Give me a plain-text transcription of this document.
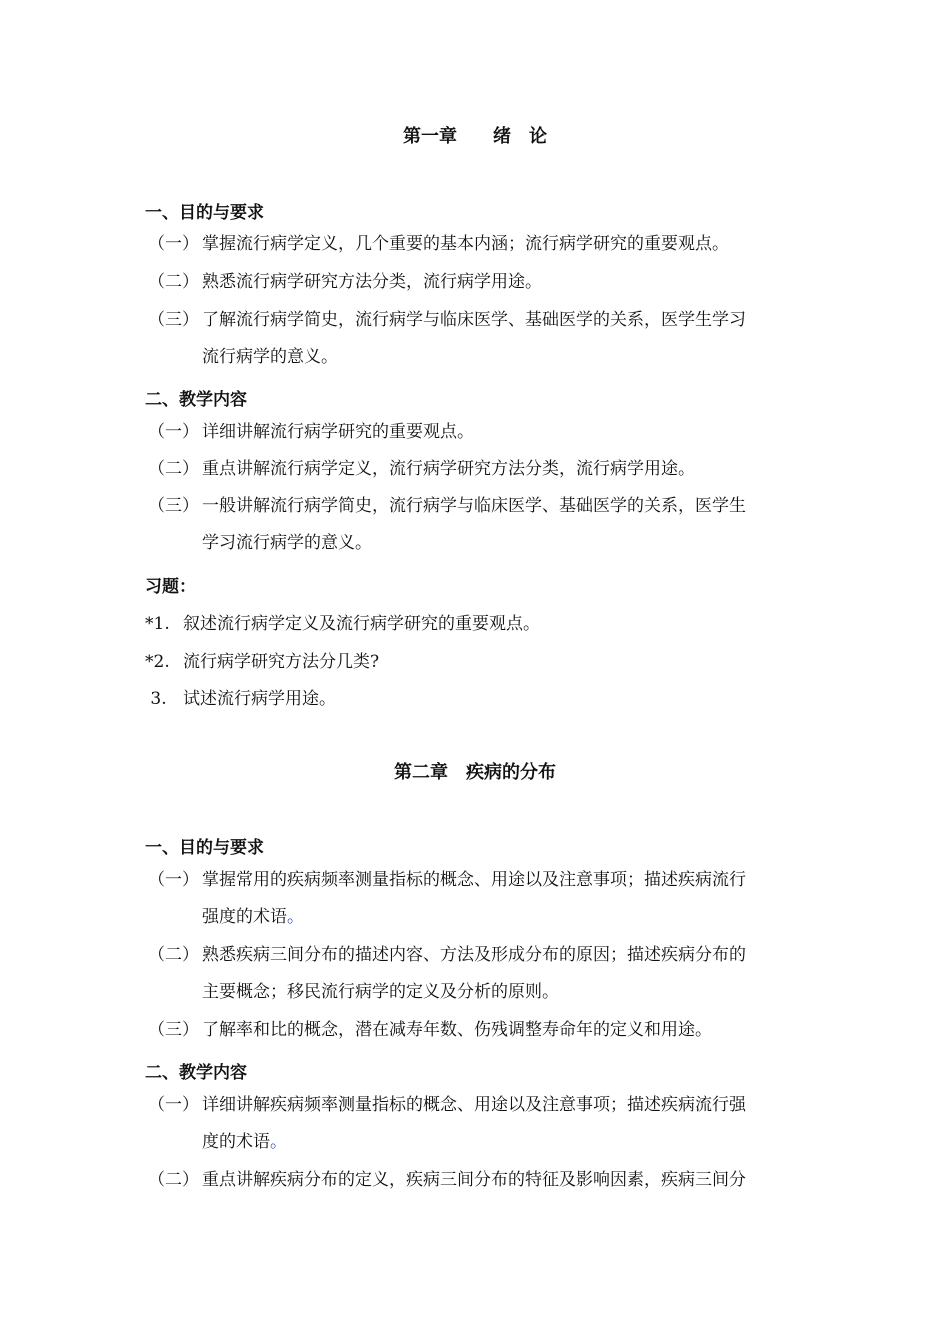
第一章　　绪　论
一、目的与要求

（一） 掌握流行病学定义，几个重要的基本内涵；流行病学研究的重要观点。

（二） 熟悉流行病学研究方法分类，流行病学用途。

（三） 了解流行病学简史，流行病学与临床医学、基础医学的关系，医学生学习
流行病学的意义。

二、教学内容

（一） 详细讲解流行病学研究的重要观点。

（二） 重点讲解流行病学定义，流行病学研究方法分类，流行病学用途。

（三） 一般讲解流行病学简史，流行病学与临床医学、基础医学的关系，医学生
学习流行病学的意义。

习题：

*1. 叙述流行病学定义及流行病学研究的重要观点。

*2. 流行病学研究方法分几类?

3. 试述流行病学用途。

第二章　疾病的分布
一、目的与要求

（一） 掌握常用的疾病频率测量指标的概念、用途以及注意事项；描述疾病流行
强度的术语。

（二） 熟悉疾病三间分布的描述内容、方法及形成分布的原因；描述疾病分布的
主要概念；移民流行病学的定义及分析的原则。

（三） 了解率和比的概念，潜在减寿年数、伤残调整寿命年的定义和用途。

二、教学内容

（一） 详细讲解疾病频率测量指标的概念、用途以及注意事项；描述疾病流行强
度的术语。

（二） 重点讲解疾病分布的定义，疾病三间分布的特征及影响因素，疾病三间分
